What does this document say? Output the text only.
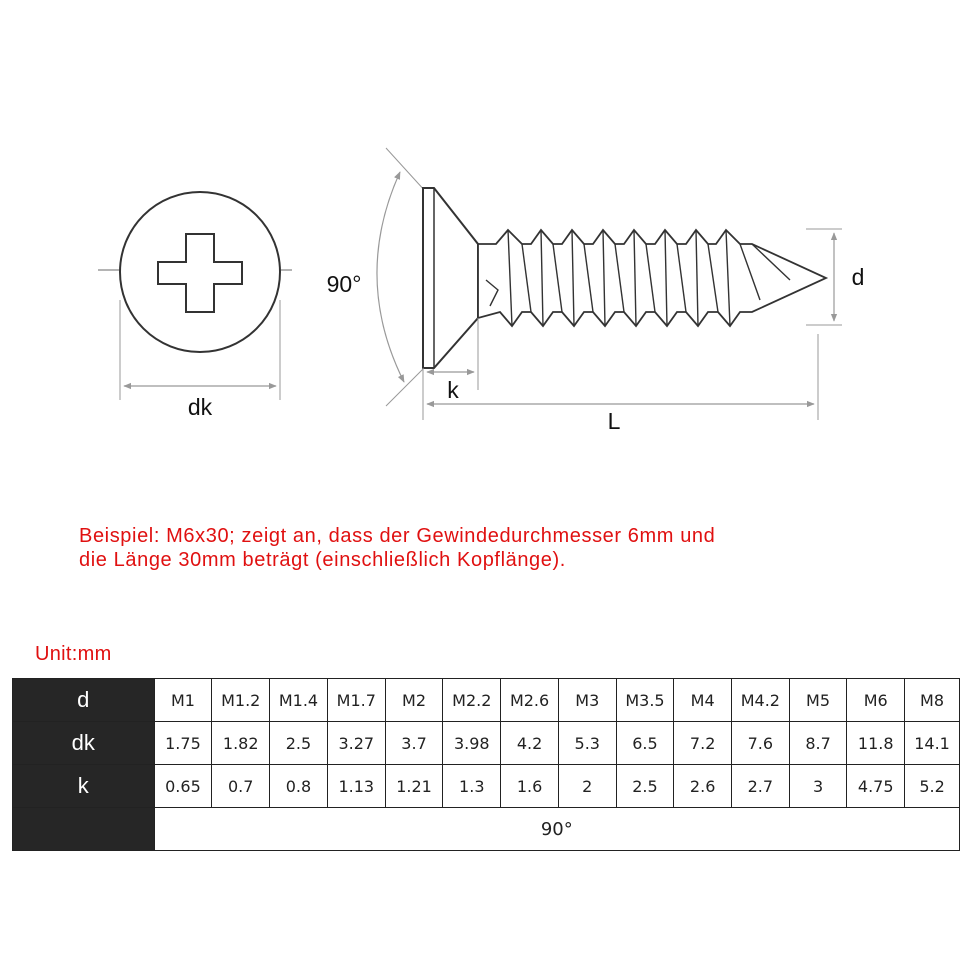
dk
90°	d
k
L
Beispiel: M6x30; zeigt an, dass der Gewindedurchmesser 6mm und
die Länge 30mm beträgt (einschließlich Kopflänge).
Unit:mm
d	M1	M1.2	M1.4	M1.7	M2	M2.2	M2.6	M3	M3.5	M4	M4.2	M5	M6	M8
dk	1.75	1.82	2.5	3.27	3.7	3.98	4.2	5.3	6.5	7.2	7.6	8.7	11.8	14.1
k	0.65	0.7	0.8	1.13	1.21	1.3	1.6	2	2.5	2.6	2.7	3	4.75	5.2
	90°													
